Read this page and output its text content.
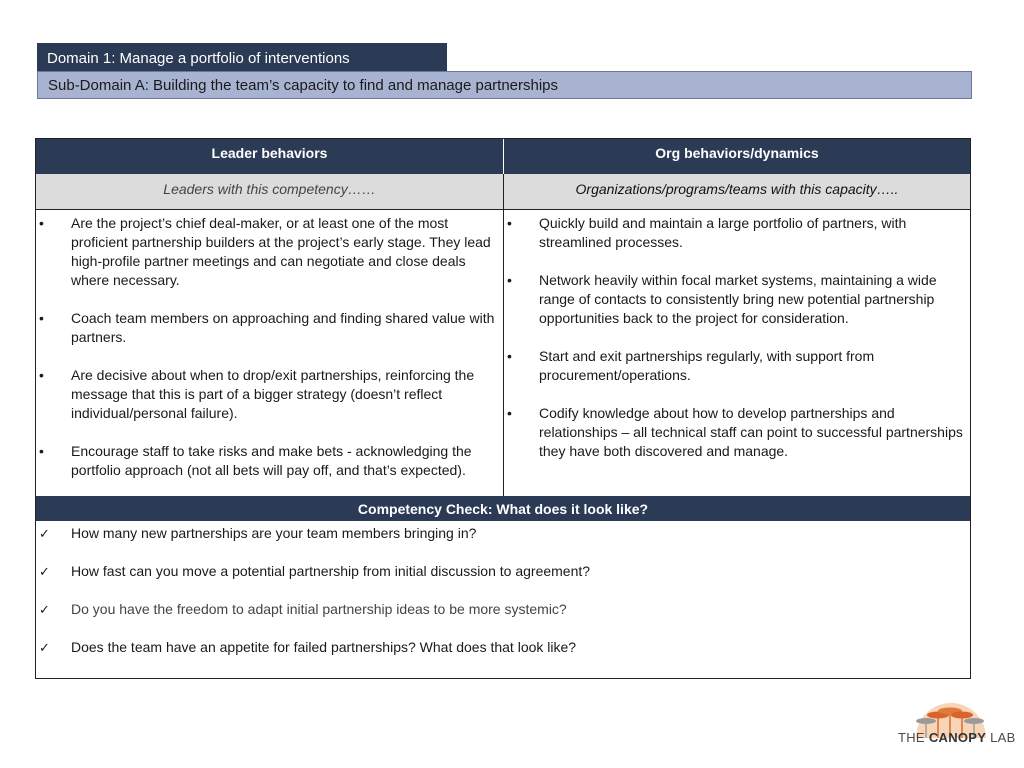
Domain 1: Manage a portfolio of interventions
Sub-Domain A: Building the team’s capacity to find and manage partnerships
Leader behaviors	Org behaviors/dynamics
Leaders with this competency……	Organizations/programs/teams with this capacity…..
• Are the project’s chief deal-maker, or at least one of the most proficient partnership builders at the project’s early stage. They lead high-profile partner meetings and can negotiate and close deals where necessary.
• Coach team members on approaching and finding shared value with partners.
• Are decisive about when to drop/exit partnerships, reinforcing the message that this is part of a bigger strategy (doesn’t reflect individual/personal failure).
• Encourage staff to take risks and make bets - acknowledging the portfolio approach (not all bets will pay off, and that’s expected).
• Quickly build and maintain a large portfolio of partners, with streamlined processes.
• Network heavily within focal market systems, maintaining a wide range of contacts to consistently bring new potential partnership opportunities back to the project for consideration.
• Start and exit partnerships regularly, with support from procurement/operations.
• Codify knowledge about how to develop partnerships and relationships – all technical staff can point to successful partnerships they have both discovered and manage.
Competency Check: What does it look like?
✓ How many new partnerships are your team members bringing in?
✓ How fast can you move a potential partnership from initial discussion to agreement?
✓ Do you have the freedom to adapt initial partnership ideas to be more systemic?
✓ Does the team have an appetite for failed partnerships? What does that look like?
THE CANOPY LAB
